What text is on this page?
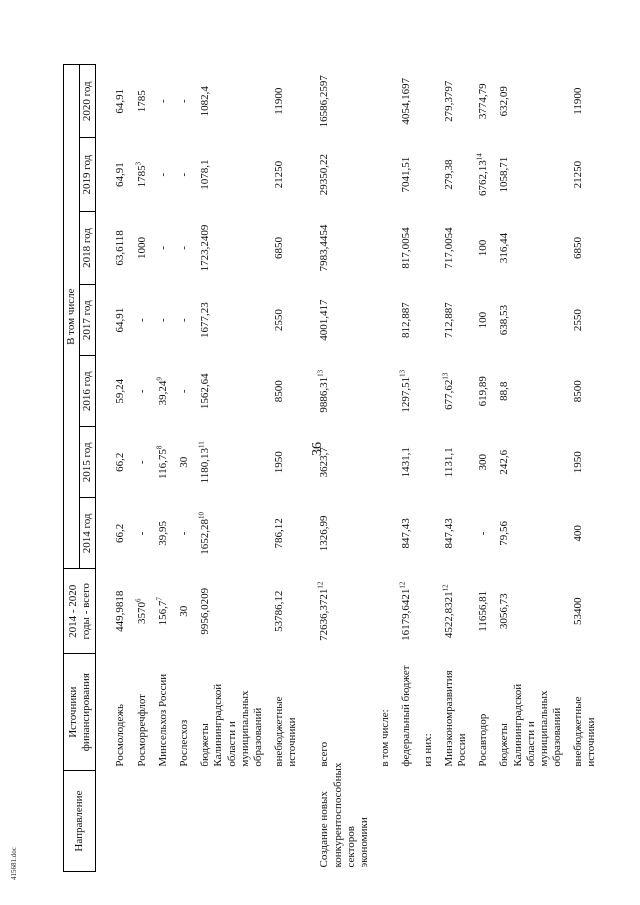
36
415681.doc
Направление	Источники финансирования	2014 - 2020 годы - всего	В том числе						
			2014 год	2015 год	2016 год	2017 год	2018 год	2019 год	2020 год
	Росмолодежь	449,9818	66,2	66,2	59,24	64,91	63,6118	64,91	64,91
	Росморречфлот	3570$^6$	-	-	-	-	1000	1785$^3$	1785
	Минсельхоз России	156,7$^7$	39,95	116,75$^8$	39,24$^9$	-	-	-	-
	Рослесхоз	30	-	30	-	-	-	-	-
	бюджеты Калининградской области и муниципальных образований	9956,0209	1652,28$^{10}$	1180,13$^{11}$	1562,64	1677,23	1723,2409	1078,1	1082,4
	внебюджетные источники	53786,12	786,12	1950	8500	2550	6850	21250	11900
Создание новых конкурентоспособных секторов экономики	всего	72636,3721$^{12}$	1326,99	3623,7	9886,31$^{13}$	4001,417	7983,4454	29350,22	16586,2597
	в том числе:								
	федеральный бюджет	16179,6421$^{12}$	847,43	1431,1	1297,51$^{13}$	812,887	817,0054	7041,51	4054,1697
	из них:								
	Минэкономразвития России	4522,8321$^{12}$	847,43	1131,1	677,62$^{13}$	712,887	717,0054	279,38	279,3797
	Росавтодор	11656,81	-	300	619,89	100	100	6762,13$^{14}$	3774,79
	бюджеты Калининградской области и муниципальных образований	3056,73	79,56	242,6	88,8	638,53	316,44	1058,71	632,09
	внебюджетные источники	53400	400	1950	8500	2550	6850	21250	11900
